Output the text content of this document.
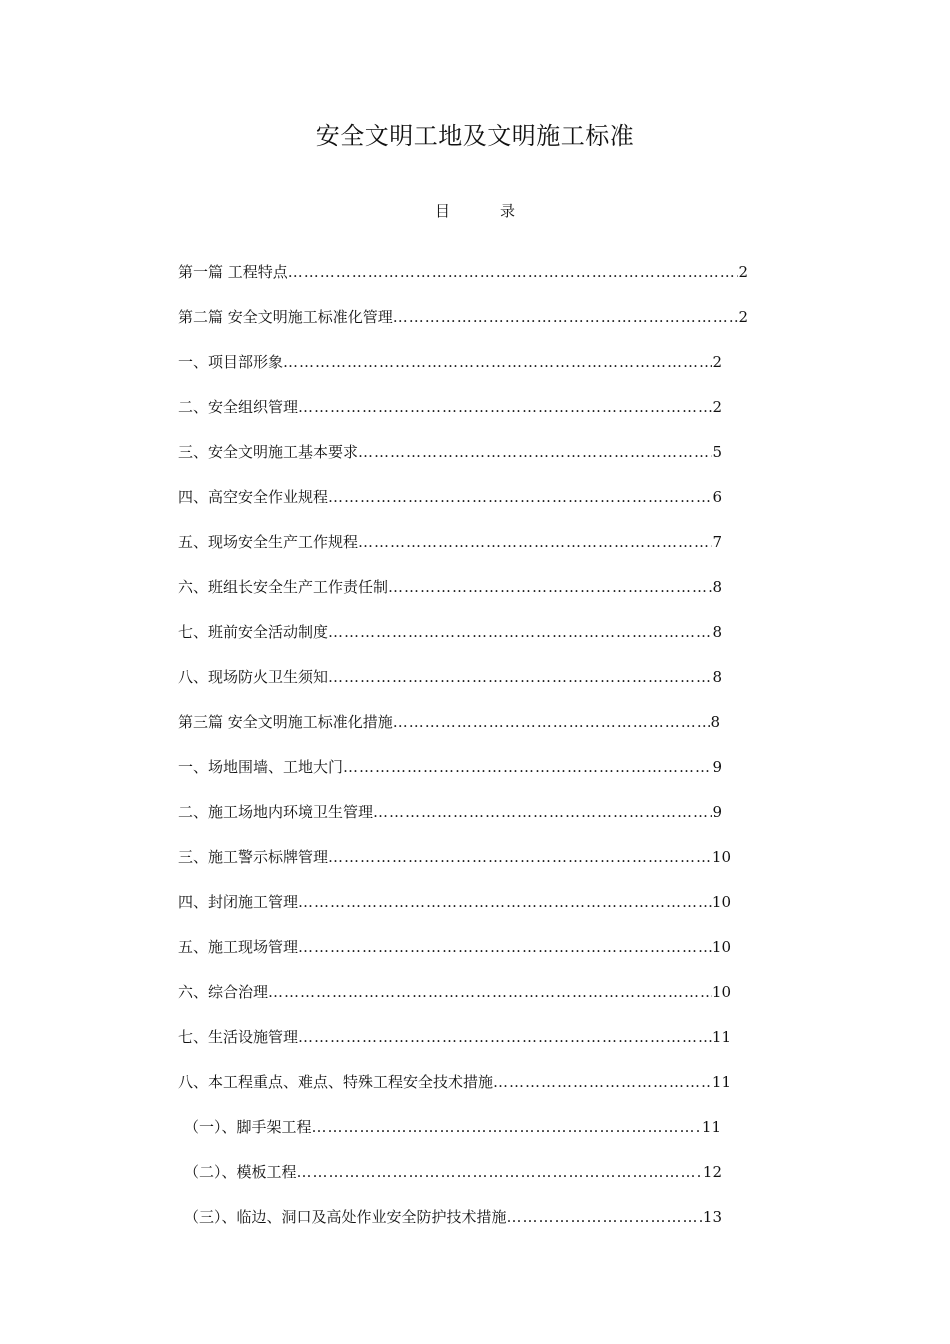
安全文明工地及文明施工标准
目	录
第一篇 工程特点 …………………………………………………………………………………………………………………………………………………………	2
第二篇 安全文明施工标准化管理 …………………………………………………………………………………………………………………………………………………………	2
一、项目部形象 …………………………………………………………………………………………………………………………………………………………	2
二、安全组织管理 …………………………………………………………………………………………………………………………………………………………	2
三、安全文明施工基本要求 …………………………………………………………………………………………………………………………………………………………	5
四、高空安全作业规程 …………………………………………………………………………………………………………………………………………………………	6
五、现场安全生产工作规程 …………………………………………………………………………………………………………………………………………………………	7
六、班组长安全生产工作责任制 …………………………………………………………………………………………………………………………………………………………	8
七、班前安全活动制度 …………………………………………………………………………………………………………………………………………………………	8
八、现场防火卫生须知 …………………………………………………………………………………………………………………………………………………………	8
第三篇 安全文明施工标准化措施 …………………………………………………………………………………………………………………………………………………………	8
一、场地围墙、工地大门 …………………………………………………………………………………………………………………………………………………………	9
二、施工场地内环境卫生管理 …………………………………………………………………………………………………………………………………………………………	9
三、施工警示标牌管理 …………………………………………………………………………………………………………………………………………………………	10
四、封闭施工管理 …………………………………………………………………………………………………………………………………………………………	10
五、施工现场管理 …………………………………………………………………………………………………………………………………………………………	10
六、综合治理 …………………………………………………………………………………………………………………………………………………………	10
七、生活设施管理 …………………………………………………………………………………………………………………………………………………………	11
八、本工程重点、难点、特殊工程安全技术措施 …………………………………………………………………………………………………………………………………………………………	11
（一）、脚手架工程 …………………………………………………………………………………………………………………………………………………………	11
（二）、模板工程 …………………………………………………………………………………………………………………………………………………………	12
（三）、临边、洞口及高处作业安全防护技术措施 …………………………………………………………………………………………………………………………………………………………	13
